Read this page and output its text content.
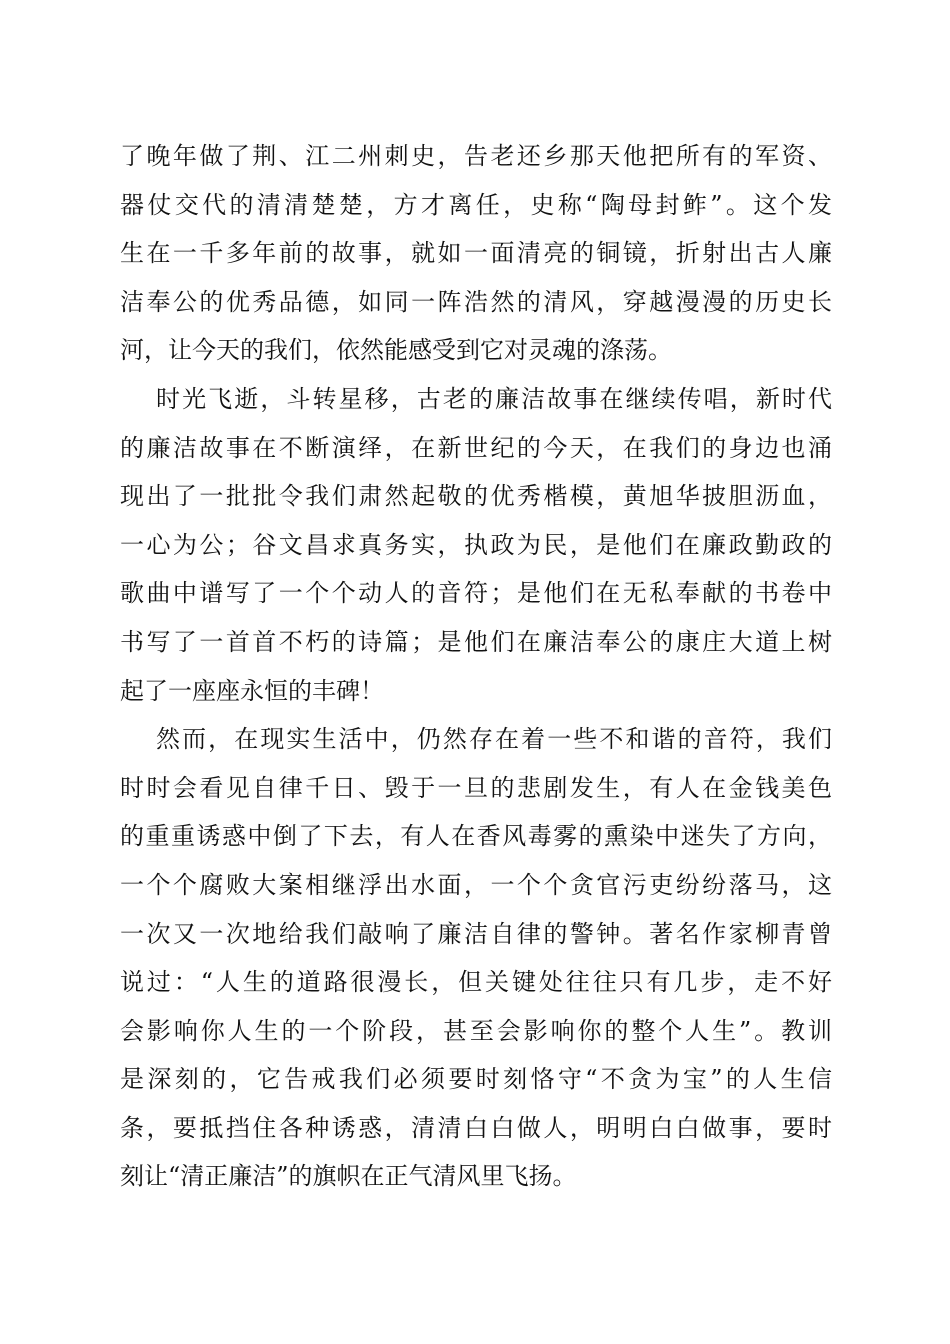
了晚年做了荆、江二州刺史，告老还乡那天他把所有的军资、
器仗交代的清清楚楚，方才离任，史称“陶母封鲊”。这个发
生在一千多年前的故事，就如一面清亮的铜镜，折射出古人廉
洁奉公的优秀品德，如同一阵浩然的清风，穿越漫漫的历史长
河，让今天的我们，依然能感受到它对灵魂的涤荡。
时光飞逝，斗转星移，古老的廉洁故事在继续传唱，新时代
的廉洁故事在不断演绎，在新世纪的今天，在我们的身边也涌
现出了一批批令我们肃然起敬的优秀楷模，黄旭华披胆沥血，
一心为公；谷文昌求真务实，执政为民，是他们在廉政勤政的
歌曲中谱写了一个个动人的音符；是他们在无私奉献的书卷中
书写了一首首不朽的诗篇；是他们在廉洁奉公的康庄大道上树
起了一座座永恒的丰碑！
然而，在现实生活中，仍然存在着一些不和谐的音符，我们
时时会看见自律千日、毁于一旦的悲剧发生，有人在金钱美色
的重重诱惑中倒了下去，有人在香风毒雾的熏染中迷失了方向，
一个个腐败大案相继浮出水面，一个个贪官污吏纷纷落马，这
一次又一次地给我们敲响了廉洁自律的警钟。著名作家柳青曾
说过：“人生的道路很漫长，但关键处往往只有几步，走不好
会影响你人生的一个阶段，甚至会影响你的整个人生”。教训
是深刻的，它告戒我们必须要时刻恪守“不贪为宝”的人生信
条，要抵挡住各种诱惑，清清白白做人，明明白白做事，要时
刻让“清正廉洁”的旗帜在正气清风里飞扬。
